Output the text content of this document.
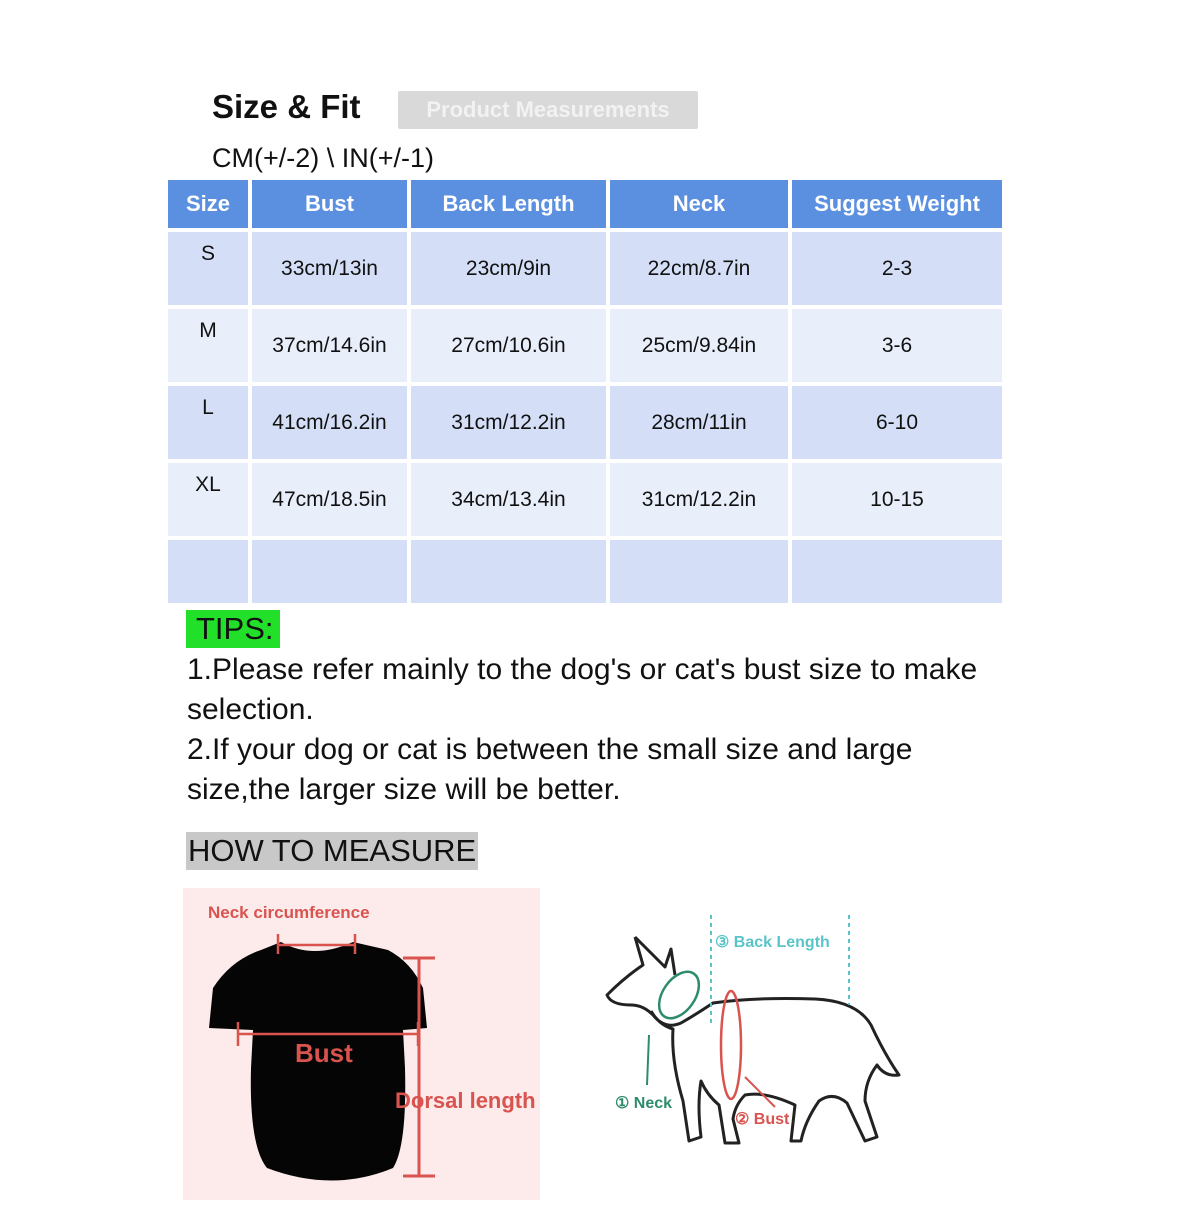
Size & Fit	Product Measurements
CM(+/-2) \ IN(+/-1)
Size	Bust	Back Length	Neck	Suggest Weight
S	33cm/13in	23cm/9in	22cm/8.7in	2-3
M	37cm/14.6in	27cm/10.6in	25cm/9.84in	3-6
L	41cm/16.2in	31cm/12.2in	28cm/11in	6-10
XL	47cm/18.5in	34cm/13.4in	31cm/12.2in	10-15

TIPS:
1.Please refer mainly to the dog's or cat's bust size to make selection.
2.If your dog or cat is between the small size and large size,the larger size will be better.
HOW TO MEASURE
Neck circumference
Bust
Dorsal length
③ Back Length
① Neck
② Bust
